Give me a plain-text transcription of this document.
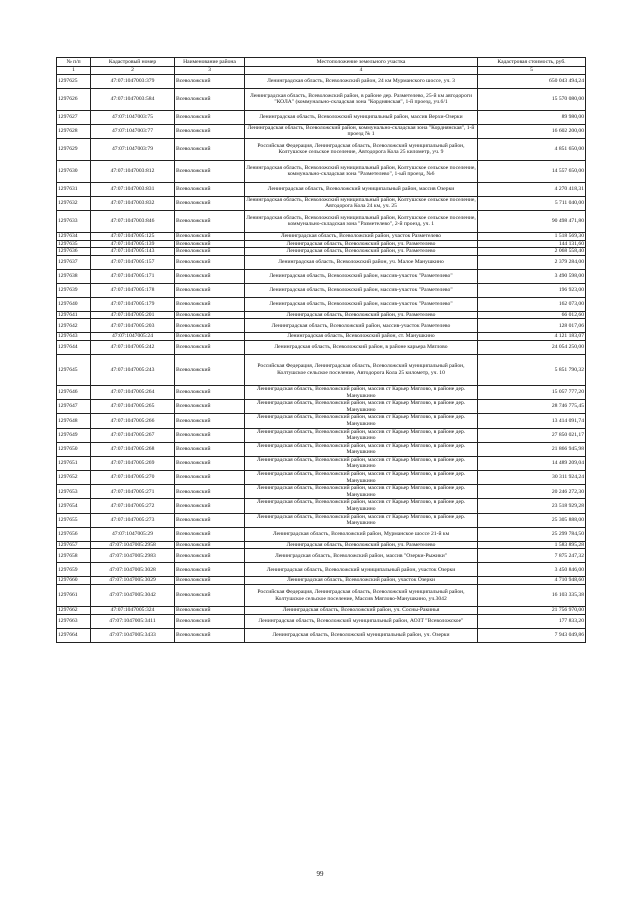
№ п/п	Кадастровый номер	Наименование района	Местоположение земельного участка	Кадастровая стоимость, руб.
1	2	3	4	5
1297625	47:07:1047003:379	Всеволожский	Ленинградская область, Всеволожский район, 24 км Мурманского шоссе, уч. 3	650 043 494,24
1297626	47:07:1047003:584	Всеволожский	Ленинградская область, Всеволожский район, в районе дер. Разметелево, 25-й км автодороги "КОЛА" (коммунально-складская зона "Корднянская", 1-й проезд, уч.6/1	15 570 080,00
1297627	47:07:1047003:75	Всеволожский	Ленинградская область, Всеволожский муниципальный район, массив Верхи-Озерки	89 980,00
1297628	47:07:1047003:77	Всеволожский	Ленинградская область, Всеволожский район, коммунально-складская зона "Корднянская", 1-й проезд № 1	16 602 200,00
1297629	47:07:1047003:79	Всеволожский	Российская Федерация, Ленинградская область, Всеволожский муниципальный район, Колтушское сельское поселение, Автодорога Кола 25 километр, уч. 9	4 851 650,00
1297630	47:07:1047003:812	Всеволожский	Ленинградская область, Всеволожский муниципальный район, Колтушское сельское поселение, коммунально-складская зона "Разметелево", 1-ый проезд, №6	14 557 650,00
1297631	47:07:1047003:831	Всеволожский	Ленинградская область, Всеволожский муниципальный район, массив Озерки	4 270 418,31
1297632	47:07:1047003:832	Всеволожский	Ленинградская область, Всеволожский муниципальный район, Колтушское сельское поселение, Автодорога Кола 24 км, уч. 25	5 711 040,00
1297633	47:07:1047003:846	Всеволожский	Ленинградская область, Всеволожский муниципальный район, Колтушское сельское поселение, коммунально-складская зона "Разметелево", 2-й проезд, уч. 1	90 498 471,80
1297634	47:07:1047005:125	Всеволожский	Ленинградская область, Всеволожский район, участок Разметелево	1 518 569,30
1297635	47:07:1047005:139	Всеволожский	Ленинградская область, Всеволожский район, уч. Разметелево	144 131,60
1297636	47:07:1047005:143	Всеволожский	Ленинградская область, Всеволожский район, уч. Разметелево	2 068 558,40
1297637	47:07:1047005:157	Всеволожский	Ленинградская область, Всеволожский район, уч. Малое Манушкино	2 379 284,00
1297638	47:07:1047005:171	Всеволожский	Ленинградская область, Всеволожский район, массив-участок "Разметелево"	3 490 598,00
1297639	47:07:1047005:178	Всеволожский	Ленинградская область, Всеволожский район, массив-участок "Разметелево"	196 923,00
1297640	47:07:1047005:179	Всеволожский	Ленинградская область, Всеволожский район, массив-участок "Разметелево"	162 073,00
1297641	47:07:1047005:201	Всеволожский	Ленинградская область, Всеволожский район, уч. Разметелево	66 012,60
1297642	47:07:1047005:203	Всеволожский	Ленинградская область, Всеволожский район, массив-участок Разметелево	128 017,06
1297643	47:07:1047005:24	Всеволожский	Ленинградская область, Всеволожский район, ст. Манушкино	4 121 183,07
1297644	47:07:1047005:242	Всеволожский	Ленинградская область, Всеволожский район, в районе карьера Мяглово	24 054 250,00
1297645	47:07:1047005:243	Всеволожский	Российская Федерация, Ленинградская область, Всеволожский муниципальный район, Колтушское сельское поселение, Автодорога Кола 25 километр, уч. 10	5 851 790,32
1297646	47:07:1047005:264	Всеволожский	Ленинградская область, Всеволожский район, массив ст Карьер Мяглово, в районе дер. Манушкино	15 057 777,20
1297647	47:07:1047005:265	Всеволожский	Ленинградская область, Всеволожский район, массив ст Карьер Мяглово, в районе дер. Манушкино	28 746 775,45
1297648	47:07:1047005:266	Всеволожский	Ленинградская область, Всеволожский район, массив ст Карьер Мяглово, в районе дер. Манушкино	13 414 091,74
1297649	47:07:1047005:267	Всеволожский	Ленинградская область, Всеволожский район, массив ст Карьер Мяглово, в районе дер. Манушкино	27 850 021,17
1297650	47:07:1047005:268	Всеволожский	Ленинградская область, Всеволожский район, массив ст Карьер Мяглово, в районе дер. Манушкино	21 866 945,98
1297651	47:07:1047005:269	Всеволожский	Ленинградская область, Всеволожский район, массив ст Карьер Мяглово, в районе дер. Манушкино	14 489 209,04
1297652	47:07:1047005:270	Всеволожский	Ленинградская область, Всеволожский район, массив ст Карьер Мяглово, в районе дер. Манушкино	30 311 924,24
1297653	47:07:1047005:271	Всеволожский	Ленинградская область, Всеволожский район, массив ст Карьер Мяглово, в районе дер. Манушкино	20 246 272,30
1297654	47:07:1047005:272	Всеволожский	Ленинградская область, Всеволожский район, массив ст Карьер Мяглово, в районе дер. Манушкино	23 518 929,28
1297655	47:07:1047005:273	Всеволожский	Ленинградская область, Всеволожский район, массив ст Карьер Мяглово, в районе дер. Манушкино	25 305 888,00
1297656	47:07:1047005:29	Всеволожский	Ленинградская область, Всеволожский район, Мурманское шоссе 21-й км	25 299 784,50
1297657	47:07:1047005:2958	Всеволожский	Ленинградская область, Всеволожский район, уч. Разметелево	1 583 895,28
1297658	47:07:1047005:2983	Всеволожский	Ленинградская область, Всеволожский район, массив "Озерки-Рыжики"	7 875 247,32
1297659	47:07:1047005:3028	Всеволожский	Ленинградская область, Всеволожский муниципальный район, участок Озерки	3 450 846,00
1297660	47:07:1047005:3029	Всеволожский	Ленинградская область, Всеволожский район, участок Озерки	4 710 948,60
1297661	47:07:1047005:3042	Всеволожский	Российская Федерация, Ленинградская область, Всеволожский муниципальный район, Колтушское сельское поселение, Массив Мяглово-Манушкино, уч.3042	16 103 335,38
1297662	47:07:1047005:324	Всеволожский	Ленинградская область, Всеволожский район, уч. Сосны-Ракинья	21 756 970,00
1297663	47:07:1047005:3411	Всеволожский	Ленинградская область, Всеволожский муниципальный район, АОЗТ "Всеволожское"	177 833,20
1297664	47:07:1047005:3433	Всеволожский	Ленинградская область, Всеволожский муниципальный район, уч. Озерки	7 943 049,86
99
